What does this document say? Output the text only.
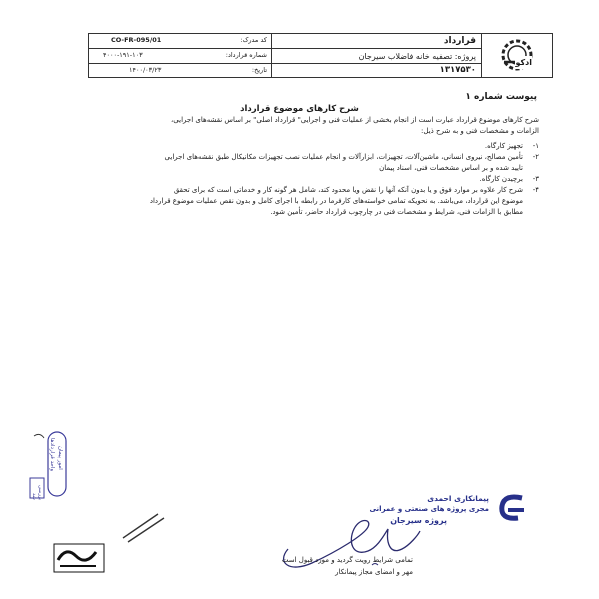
ادکو
قرارداد
پروژه: تصفیه خانه فاضلاب سیرجان
۱۳۱۷۵۳۰
کد مدرک:
CO-FR-095/01
شماره قرارداد:
۴۰۰۰-۱۹۱-۱۰۳
تاریخ:
۱۴۰۰/۰۳/۲۳
پیوست شماره ۱
شرح کارهای موضوع قرارداد
شرح کارهای موضوع قرارداد عبارت است از انجام بخشی از عملیات فنی و اجرایی" قرارداد اصلی" بر اساس نقشه‌های اجرایی،
الزامات و مشخصات فنی و به شرح ذیل:
۱-تجهیز کارگاه.
۲-تأمین مصالح، نیروی انسانی، ماشین‌آلات، تجهیزات، ابزارآلات و انجام عملیات نصب تجهیزات مکانیکال طبق نقشه‌های اجرایی
تایید شده و بر اساس مشخصات فنی، اسناد پیمان
۳-برچیدن کارگاه.
۴-شرح کار علاوه بر موارد فوق و یا بدون آنکه آنها را نقض ویا محدود کند، شامل هر گونه کار و خدماتی است که برای تحقق
موضوع این قرارداد، می‌باشد. به نحویکه تمامی خواسته‌های کارفرما در رابطه با اجرای کامل و بدون نقص عملیات موضوع قرارداد
مطابق با الزامات فنی، شرایط و مشخصات فنی در چارچوب قرارداد حاضر، تأمین شود.
واحد قراردادها امور پیمان
بررسی شد	پیمانکاری احمدی
مجری پروژه های صنعتی و عمرانی
پروژه سیرجان
تمامی شرایط رویت گردید و مورد قبول است
مهر و امضای مجاز پیمانکار
